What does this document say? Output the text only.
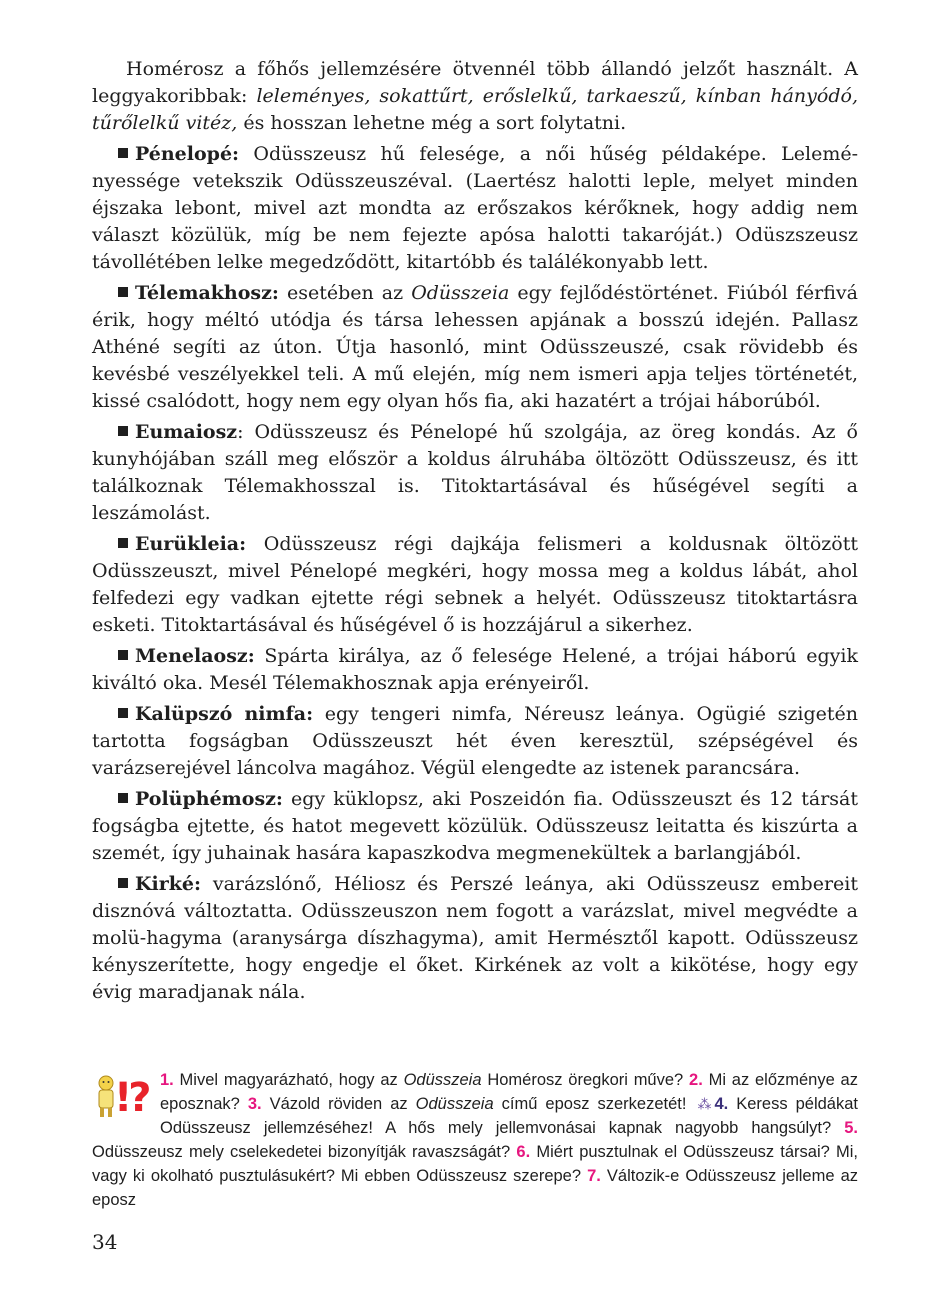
Homérosz a főhős jellemzésére ötvennél több állandó jelzőt használt. A leggyakoribbak: leleményes, sokattűrt, erőslelkű, tarkaeszű, kínban hányódó, tűrőlelkű vitéz, és hosszan lehetne még a sort folytatni.

Pénelopé: Odüsszeusz hű felesége, a női hűség példaképe. Leleményessége vetekszik Odüsszeuszéval. (Laertész halotti leple, melyet minden éjszaka lebont, mivel azt mondta az erőszakos kérőknek, hogy addig nem választ közülük, míg be nem fejezte apósa halotti takaróját.) Odüszszeusz távollétében lelke megedződött, kitartóbb és találékonyabb lett.

Télemakhosz: esetében az Odüsszeia egy fejlődéstörténet. Fiúból férfivá érik, hogy méltó utódja és társa lehessen apjának a bosszú idején. Pallasz Athéné segíti az úton. Útja hasonló, mint Odüsszeuszé, csak rövidebb és kevésbé veszélyekkel teli. A mű elején, míg nem ismeri apja teljes történetét, kissé csalódott, hogy nem egy olyan hős fia, aki hazatért a trójai háborúból.

Eumaiosz: Odüsszeusz és Pénelopé hű szolgája, az öreg kondás. Az ő kunyhójában száll meg először a koldus álruhába öltözött Odüsszeusz, és itt találkoznak Télemakhosszal is. Titoktartásával és hűségével segíti a leszámolást.

Eurükleia: Odüsszeusz régi dajkája felismeri a koldusnak öltözött Odüsszeuszt, mivel Pénelopé megkéri, hogy mossa meg a koldus lábát, ahol felfedezi egy vadkan ejtette régi sebnek a helyét. Odüsszeusz titoktartásra esketi. Titoktartásával és hűségével ő is hozzájárul a sikerhez.

Menelaosz: Spárta királya, az ő felesége Helené, a trójai háború egyik kiváltó oka. Mesél Télemakhosznak apja erényeiről.

Kalüpszó nimfa: egy tengeri nimfa, Néreusz leánya. Ogügié szigetén tartotta fogságban Odüsszeuszt hét éven keresztül, szépségével és varázserejével láncolva magához. Végül elengedte az istenek parancsára.

Polüphémosz: egy küklopsz, aki Poszeidón fia. Odüsszeuszt és 12 társát fogságba ejtette, és hatot megevett közülük. Odüsszeusz leitatta és kiszúrta a szemét, így juhainak hasára kapaszkodva megmenekültek a barlangjából.

Kirké: varázslónő, Héliosz és Perszé leánya, aki Odüsszeusz embereit disznóvá változtatta. Odüsszeuszon nem fogott a varázslat, mivel megvédte a molü-hagyma (aranysárga díszhagyma), amit Hermésztől kapott. Odüsszeusz kényszerítette, hogy engedje el őket. Kirkének az volt a kikötése, hogy egy évig maradjanak nála.

!? 1. Mivel magyarázható, hogy az Odüsszeia Homérosz öregkori műve? 2. Mi az előzménye az eposznak? 3. Vázold röviden az Odüsszeia című eposz szerkezetét! ⁂ 4. Keress példákat Odüsszeusz jellemzéséhez! A hős mely jellemvonásai kapnak nagyobb hangsúlyt? 5. Odüsszeusz mely cselekedetei bizonyítják ravaszságát? 6. Miért pusztulnak el Odüsszeusz társai? Mi, vagy ki okolható pusztulásukért? Mi ebben Odüsszeusz szerepe? 7. Változik-e Odüsszeusz jelleme az eposz
34
